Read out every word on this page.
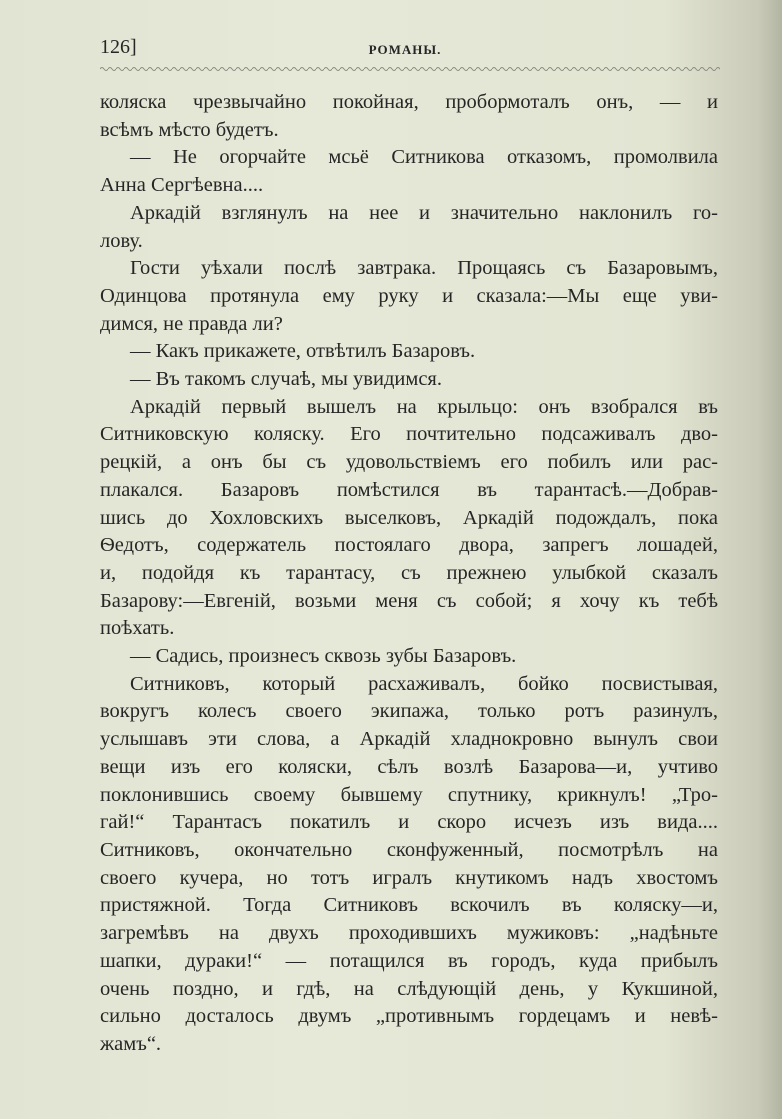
126]	РОМАНЫ.
коляска чрезвычайно покойная, пробормоталъ онъ, — и
всѣмъ мѣсто будетъ.
— Не огорчайте мсьё Ситникова отказомъ, промолвила
Анна Сергѣевна....
Аркадій взглянулъ на нее и значительно наклонилъ го-
лову.
Гости уѣхали послѣ завтрака. Прощаясь съ Базаровымъ,
Одинцова протянула ему руку и сказала:—Мы еще уви-
димся, не правда ли?
— Какъ прикажете, отвѣтилъ Базаровъ.
— Въ такомъ случаѣ, мы увидимся.
Аркадій первый вышелъ на крыльцо: онъ взобрался въ
Ситниковскую коляску. Его почтительно подсаживалъ дво-
рецкій, а онъ бы съ удовольствіемъ его побилъ или рас-
плакался. Базаровъ помѣстился въ тарантасѣ.—Добрав-
шись до Хохловскихъ выселковъ, Аркадій подождалъ, пока
Ѳедотъ, содержатель постоялаго двора, запрегъ лошадей,
и, подойдя къ тарантасу, съ прежнею улыбкой сказалъ
Базарову:—Евгеній, возьми меня съ собой; я хочу къ тебѣ
поѣхать.
— Садись, произнесъ сквозь зубы Базаровъ.
Ситниковъ, который расхаживалъ, бойко посвистывая,
вокругъ колесъ своего экипажа, только ротъ разинулъ,
услышавъ эти слова, а Аркадій хладнокровно вынулъ свои
вещи изъ его коляски, сѣлъ возлѣ Базарова—и, учтиво
поклонившись своему бывшему спутнику, крикнулъ! „Тро-
гай!“ Тарантасъ покатилъ и скоро исчезъ изъ вида....
Ситниковъ, окончательно сконфуженный, посмотрѣлъ на
своего кучера, но тотъ игралъ кнутикомъ надъ хвостомъ
пристяжной. Тогда Ситниковъ вскочилъ въ коляску—и,
загремѣвъ на двухъ проходившихъ мужиковъ: „надѣньте
шапки, дураки!“ — потащился въ городъ, куда прибылъ
очень поздно, и гдѣ, на слѣдующій день, у Кукшиной,
сильно досталось двумъ „противнымъ гордецамъ и невѣ-
жамъ“.
